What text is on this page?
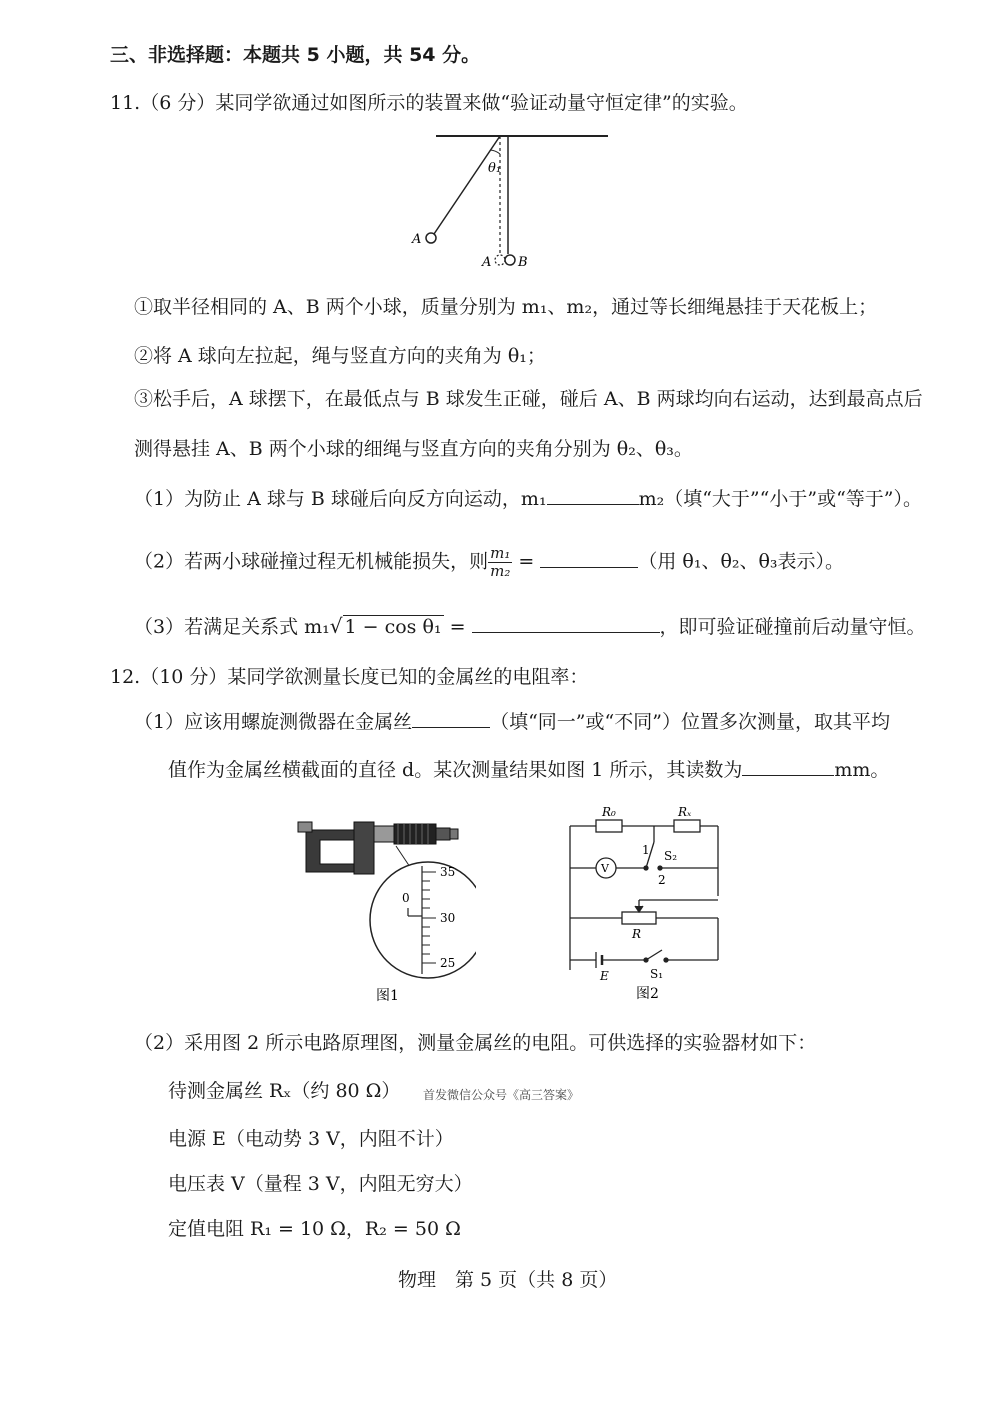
三、非选择题：本题共 5 小题，共 54 分。
11.（6 分）某同学欲通过如图所示的装置来做“验证动量守恒定律”的实验。
θ₁
A
A B
①取半径相同的 A、B 两个小球，质量分别为 m₁、m₂，通过等长细绳悬挂于天花板上；
②将 A 球向左拉起，绳与竖直方向的夹角为 θ₁；
③松手后，A 球摆下，在最低点与 B 球发生正碰，碰后 A、B 两球均向右运动，达到最高点后
测得悬挂 A、B 两个小球的细绳与竖直方向的夹角分别为 θ₂、θ₃。
（1）为防止 A 球与 B 球碰后向反方向运动，m₁	m₂（填“大于”“小于”或“等于”）。
（2）若两小球碰撞过程无机械能损失，则 $\frac{\text{m₁}}{\text{m₂}}$ =	（用 θ₁、θ₂、θ₃表示）。
（3）若满足关系式 m₁√ 1 − cos θ₁ =	，即可验证碰撞前后动量守恒。
12.（10 分）某同学欲测量长度已知的金属丝的电阻率：
（1）应该用螺旋测微器在金属丝	（填“同一”或“不同”）位置多次测量，取其平均
值作为金属丝横截面的直径 d。某次测量结果如图 1 所示，其读数为	mm。
35
30
25
0
图1
R₀	Rₓ
V
1 S₂
2
R
E	S₁
图2
（2）采用图 2 所示电路原理图，测量金属丝的电阻。可供选择的实验器材如下：
待测金属丝 Rₓ（约 80 Ω） 首发微信公众号《高三答案》
电源 E（电动势 3 V，内阻不计）
电压表 V（量程 3 V，内阻无穷大）
定值电阻 R₁ = 10 Ω，R₂ = 50 Ω
物理　第 5 页（共 8 页）
